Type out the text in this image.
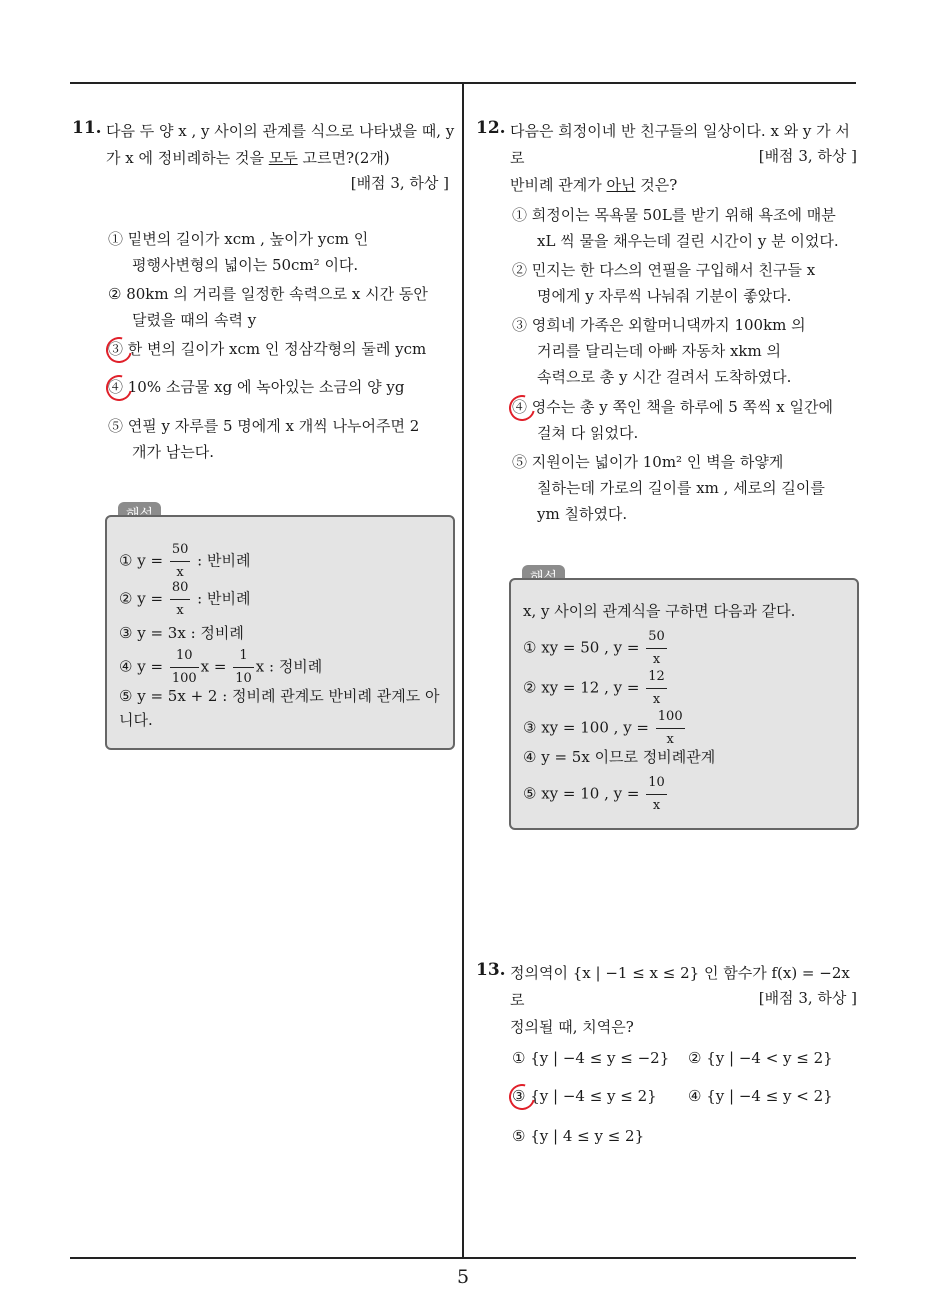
5
11. 다음 두 양 x , y 사이의 관계를 식으로 나타냈을 때, y
가 x 에 정비례하는 것을 모두 고르면?(2개)
[배점 3, 하상 ]
① 밑변의 길이가 xcm , 높이가 ycm 인
평행사변형의 넓이는 50cm² 이다.
② 80km 의 거리를 일정한 속력으로 x 시간 동안
달렸을 때의 속력 y
③ 한 변의 길이가 xcm 인 정삼각형의 둘레 ycm
④ 10% 소금물 xg 에 녹아있는 소금의 양 yg
⑤ 연필 y 자루를 5 명에게 x 개씩 나누어주면 2
개가 남는다.
① $y = \frac{50}{x}$ : 반비례
② $y = \frac{80}{x}$ : 반비례
③ y = 3x : 정비례
④ $y = \frac{10}{100}$ $x = \frac{1}{10}$ x : 정비례
⑤ y = 5x + 2 : 정비례 관계도 반비례 관계도 아
니다.
12. 다음은 희정이네 반 친구들의 일상이다. x 와 y 가 서로
반비례 관계가 아닌 것은?
[배점 3, 하상 ]
① 희정이는 목욕물 50L를 받기 위해 욕조에 매분
xL 씩 물을 채우는데 걸린 시간이 y 분 이었다.
② 민지는 한 다스의 연필을 구입해서 친구들 x
명에게 y 자루씩 나눠줘 기분이 좋았다.
③ 영희네 가족은 외할머니댁까지 100km 의
거리를 달리는데 아빠 자동차 xkm 의
속력으로 총 y 시간 걸려서 도착하였다.
④ 영수는 총 y 쪽인 책을 하루에 5 쪽씩 x 일간에
걸쳐 다 읽었다.
⑤ 지원이는 넓이가 10m² 인 벽을 하얗게
칠하는데 가로의 길이를 xm , 세로의 길이를
ym 칠하였다.
x, y 사이의 관계식을 구하면 다음과 같다.
① xy = 50 , $y = \frac{50}{x}$
② xy = 12 , $y = \frac{12}{x}$
③ xy = 100 , $y = \frac{100}{x}$
④ y = 5x 이므로 정비례관계
⑤ xy = 10 , $y = \frac{10}{x}$
13. 정의역이 {x | −1 ≤ x ≤ 2} 인 함수가 f(x) = −2x 로
정의될 때, 치역은?
[배점 3, 하상 ]
① {y | −4 ≤ y ≤ −2} ② {y | −4 < y ≤ 2}
③ {y | −4 ≤ y ≤ 2} ④ {y | −4 ≤ y < 2}
⑤ {y | 4 ≤ y ≤ 2}
